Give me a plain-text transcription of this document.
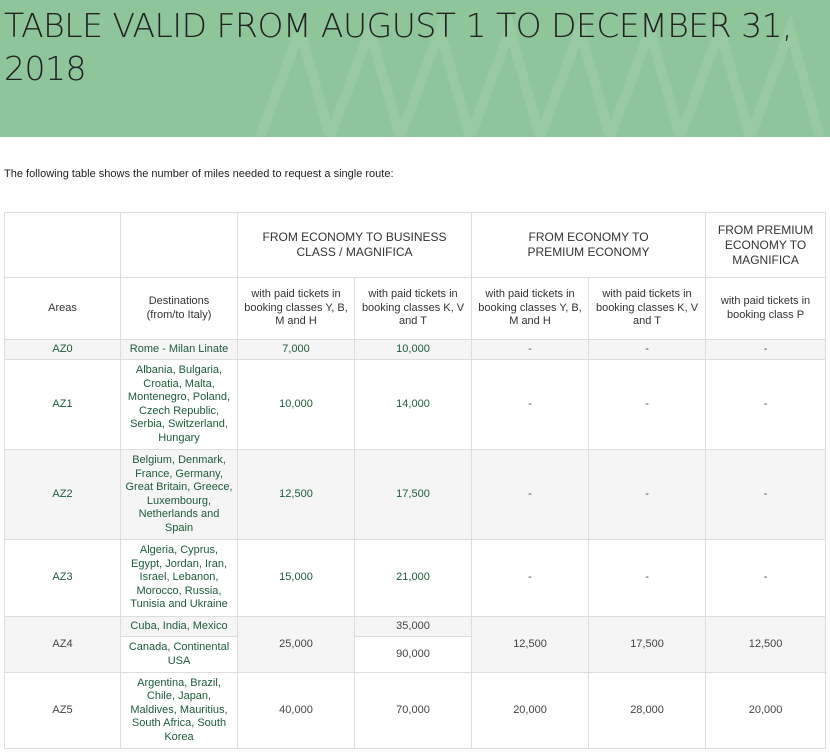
TABLE VALID FROM AUGUST 1 TO DECEMBER 31, 2018
The following table shows the number of miles needed to request a single route:
		FROM ECONOMY TO BUSINESS CLASS / MAGNIFICA		FROM ECONOMY TO PREMIUM ECONOMY		FROM PREMIUM ECONOMY TO MAGNIFICA
Areas	Destinations (from/to Italy)	with paid tickets in booking classes Y, B, M and H	with paid tickets in booking classes K, V and T	with paid tickets in booking classes Y, B, M and H	with paid tickets in booking classes K, V and T	with paid tickets in booking class P
AZ0	Rome - Milan Linate	7,000	10,000	-	-	-
AZ1	Albania, Bulgaria, Croatia, Malta, Montenegro, Poland, Czech Republic, Serbia, Switzerland, Hungary	10,000	14,000	-	-	-
AZ2	Belgium, Denmark, France, Germany, Great Britain, Greece, Luxembourg, Netherlands and Spain	12,500	17,500	-	-	-
AZ3	Algeria, Cyprus, Egypt, Jordan, Iran, Israel, Lebanon, Morocco, Russia, Tunisia and Ukraine	15,000	21,000	-	-	-
AZ4	Cuba, India, Mexico	25,000	35,000	12,500	17,500	12,500
	Canada, Continental USA		90,000			
AZ5	Argentina, Brazil, Chile, Japan, Maldives, Mauritius, South Africa, South Korea	40,000	70,000	20,000	28,000	20,000
